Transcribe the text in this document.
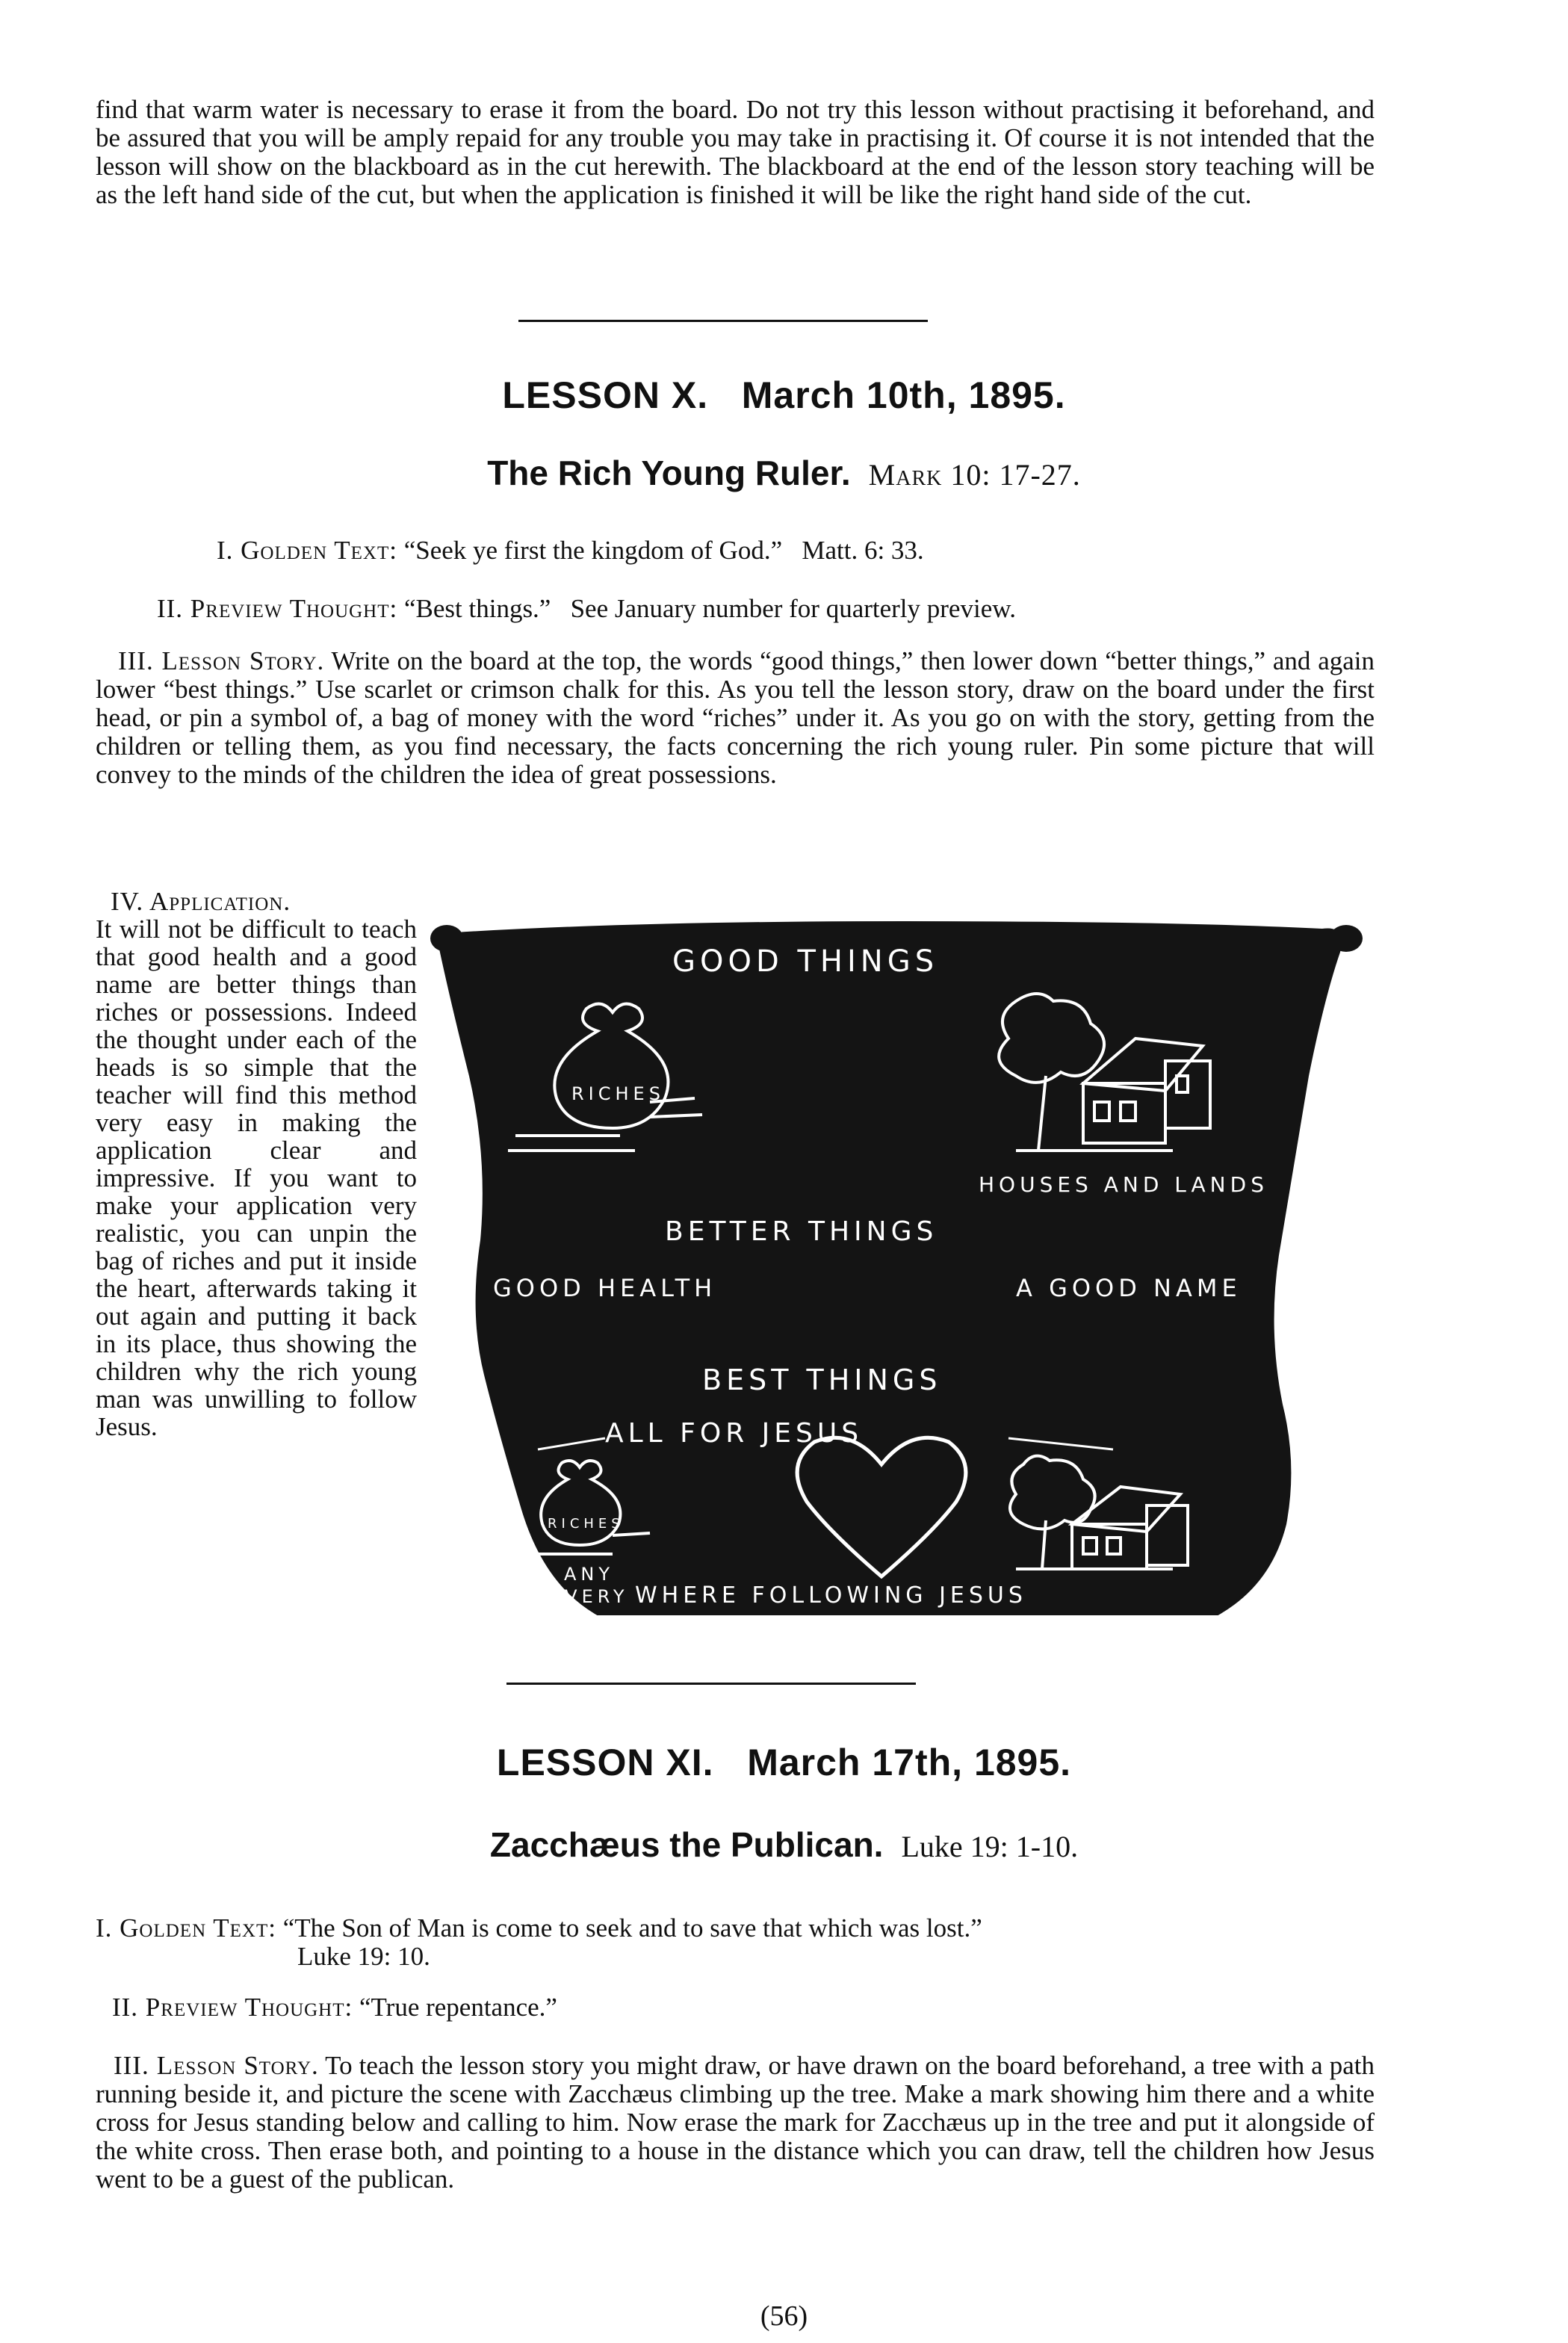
find that warm water is necessary to erase it from the board. Do not try this lesson without practising it beforehand, and be assured that you will be amply repaid for any trouble you may take in practising it. Of course it is not intended that the lesson will show on the blackboard as in the cut herewith. The blackboard at the end of the lesson story teaching will be as the left hand side of the cut, but when the application is finished it will be like the right hand side of the cut.

LESSON X.   March 10th, 1895.
The Rich Young Ruler. Mark 10: 17-27.
I. Golden Text: “Seek ye first the kingdom of God.”   Matt. 6: 33.
II. Preview Thought: “Best things.”   See January number for quarterly preview.
III. Lesson Story. Write on the board at the top, the words “good things,” then lower down “better things,” and again lower “best things.” Use scarlet or crimson chalk for this. As you tell the lesson story, draw on the board under the first head, or pin a symbol of, a bag of money with the word “riches” under it. As you go on with the story, getting from the children or telling them, as you find necessary, the facts concerning the rich young ruler. Pin some picture that will convey to the minds of the children the idea of great possessions.

IV. Application.

It will not be difficult to teach that good health and a good name are better things than riches or possessions. Indeed the thought under each of the heads is so simple that the teacher will find this method very easy in making the application clear and impressive. If you want to make your application very realistic, you can unpin the bag of riches and put it inside the heart, afterwards taking it out again and putting it back in its place, thus showing the children why the rich young man was unwilling to follow Jesus.

GOOD THINGS
RICHES
HOUSES AND LANDS
BETTER THINGS
GOOD HEALTH	A GOOD NAME
BEST THINGS
ALL FOR JESUS
RICHES
ANY
EVERY WHERE FOLLOWING JESUS
LESSON XI.   March 17th, 1895.
Zacchæus the Publican. Luke 19: 1-10.
I. Golden Text: “The Son of Man is come to seek and to save that which was lost.”
Luke 19: 10.
II. Preview Thought: “True repentance.”
III. Lesson Story. To teach the lesson story you might draw, or have drawn on the board beforehand, a tree with a path running beside it, and picture the scene with Zacchæus climbing up the tree. Make a mark showing him there and a white cross for Jesus standing below and calling to him. Now erase the mark for Zacchæus up in the tree and put it alongside of the white cross. Then erase both, and pointing to a house in the distance which you can draw, tell the children how Jesus went to be a guest of the publican.
(56)
